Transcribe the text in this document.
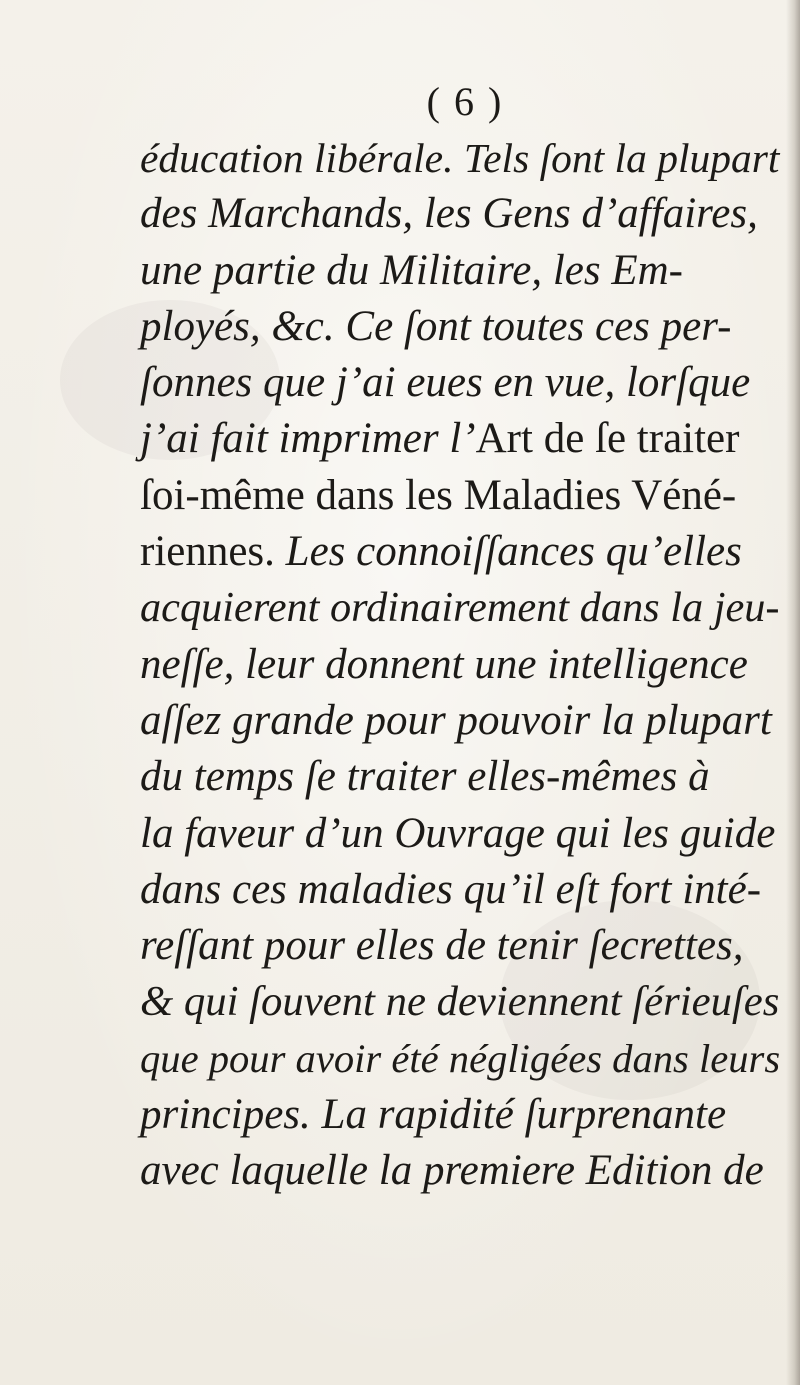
( 6 )
éducation libérale. Tels ſont la plupart
des Marchands, les Gens d’affaires,
une partie du Militaire, les Em-
ployés, &c. Ce ſont toutes ces per-
ſonnes que j’ai eues en vue, lorſque
j’ai fait imprimer l’Art de ſe traiter
ſoi-même dans les Maladies Véné-
riennes. Les connoiſſances qu’elles
acquierent ordinairement dans la jeu-
neſſe, leur donnent une intelligence
aſſez grande pour pouvoir la plupart
du temps ſe traiter elles-mêmes à
la faveur d’un Ouvrage qui les guide
dans ces maladies qu’il eſt fort inté-
reſſant pour elles de tenir ſecrettes,
& qui ſouvent ne deviennent ſérieuſes
que pour avoir été négligées dans leurs
principes. La rapidité ſurprenante
avec laquelle la premiere Edition de
